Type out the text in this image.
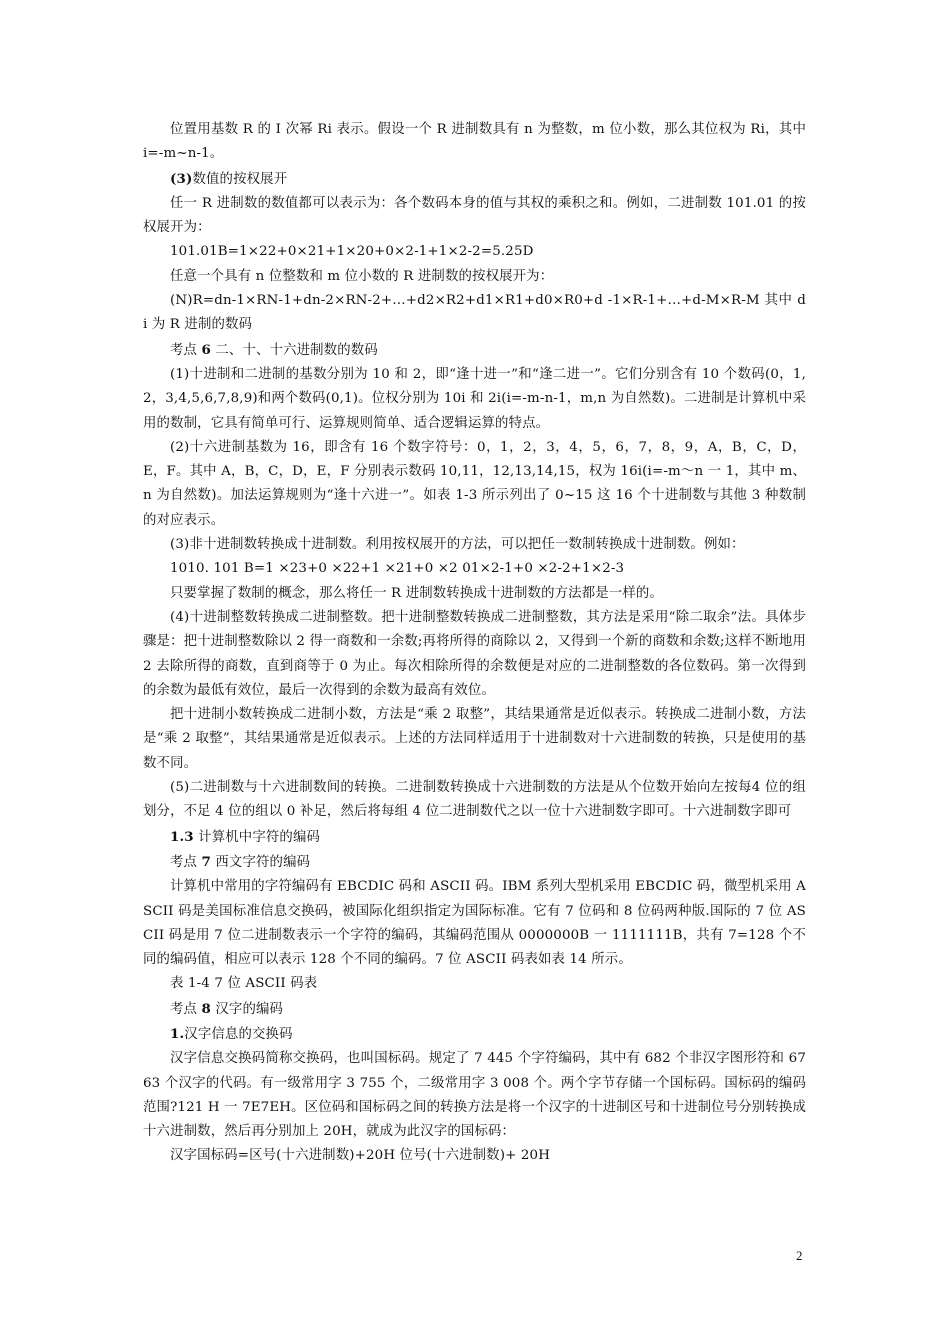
位置用基数 R 的 I 次幂 Ri 表示。假设一个 R 进制数具有 n 为整数，m 位小数，那么其位权为 Ri，其中 i=-m~n-1。

(3)数值的按权展开

任一 R 进制数的数值都可以表示为：各个数码本身的值与其权的乘积之和。例如，二进制数 101.01 的按权展开为：

101.01B=1×22+0×21+1×20+0×2-1+1×2-2=5.25D

任意一个具有 n 位整数和 m 位小数的 R 进制数的按权展开为：

(N)R=dn-1×RN-1+dn-2×RN-2+…+d2×R2+d1×R1+d0×R0+d -1×R-1+…+d-M×R-M 其中 di 为 R 进制的数码

考点 6 二、十、十六进制数的数码

(1)十进制和二进制的基数分别为 10 和 2，即“逢十进一”和“逢二进一”。它们分别含有 10 个数码(0，1,2，3,4,5,6,7,8,9)和两个数码(0,1)。位权分别为 10i 和 2i(i=-m-n-1，m,n 为自然数)。二进制是计算机中采用的数制，它具有简单可行、运算规则简单、适合逻辑运算的特点。

(2)十六进制基数为 16，即含有 16 个数字符号：0，1，2，3，4，5，6，7，8，9，A，B，C，D，E，F。其中 A，B，C，D，E，F 分别表示数码 10,11，12,13,14,15，权为 16i(i=-m～n 一 1，其中 m、n 为自然数)。加法运算规则为“逢十六进一”。如表 1-3 所示列出了 0~15 这 16 个十进制数与其他 3 种数制的对应表示。

(3)非十进制数转换成十进制数。利用按权展开的方法，可以把任一数制转换成十进制数。例如：

1010. 101 B=1 ×23+0 ×22+1 ×21+0 ×2 01×2-1+0 ×2-2+1×2-3

只要掌握了数制的概念，那么将任一 R 进制数转换成十进制数的方法都是一样的。

(4)十进制整数转换成二进制整数。把十进制整数转换成二进制整数，其方法是采用“除二取余”法。具体步骤是：把十进制整数除以 2 得一商数和一余数;再将所得的商除以 2，又得到一个新的商数和余数;这样不断地用 2 去除所得的商数，直到商等于 0 为止。每次相除所得的余数便是对应的二进制整数的各位数码。第一次得到的余数为最低有效位，最后一次得到的余数为最高有效位。

把十进制小数转换成二进制小数，方法是“乘 2 取整”，其结果通常是近似表示。转换成二进制小数，方法是“乘 2 取整”，其结果通常是近似表示。上述的方法同样适用于十进制数对十六进制数的转换，只是使用的基数不同。

(5)二进制数与十六进制数间的转换。二进制数转换成十六进制数的方法是从个位数开始向左按每4 位的组划分，不足 4 位的组以 0 补足，然后将每组 4 位二进制数代之以一位十六进制数字即可。十六进制数字即可

1.3 计算机中字符的编码

考点 7 西文字符的编码

计算机中常用的字符编码有 EBCDIC 码和 ASCII 码。IBM 系列大型机采用 EBCDIC 码，微型机采用 ASCII 码是美国标准信息交换码，被国际化组织指定为国际标准。它有 7 位码和 8 位码两种版.国际的 7 位 ASCII 码是用 7 位二进制数表示一个字符的编码，其编码范围从 0000000B 一 1111111B，共有 7=128 个不同的编码值，相应可以表示 128 个不同的编码。7 位 ASCII 码表如表 14 所示。

表 1-4 7 位 ASCII 码表

考点 8 汉字的编码

1.汉字信息的交换码

汉字信息交换码简称交换码，也叫国标码。规定了 7 445 个字符编码，其中有 682 个非汉字图形符和 6763 个汉字的代码。有一级常用字 3 755 个，二级常用字 3 008 个。两个字节存储一个国标码。国标码的编码范围?121 H 一 7E7EH。区位码和国标码之间的转换方法是将一个汉字的十进制区号和十进制位号分别转换成十六进制数，然后再分别加上 20H，就成为此汉字的国标码：

汉字国标码=区号(十六进制数)+20H 位号(十六进制数)+ 20H

2
